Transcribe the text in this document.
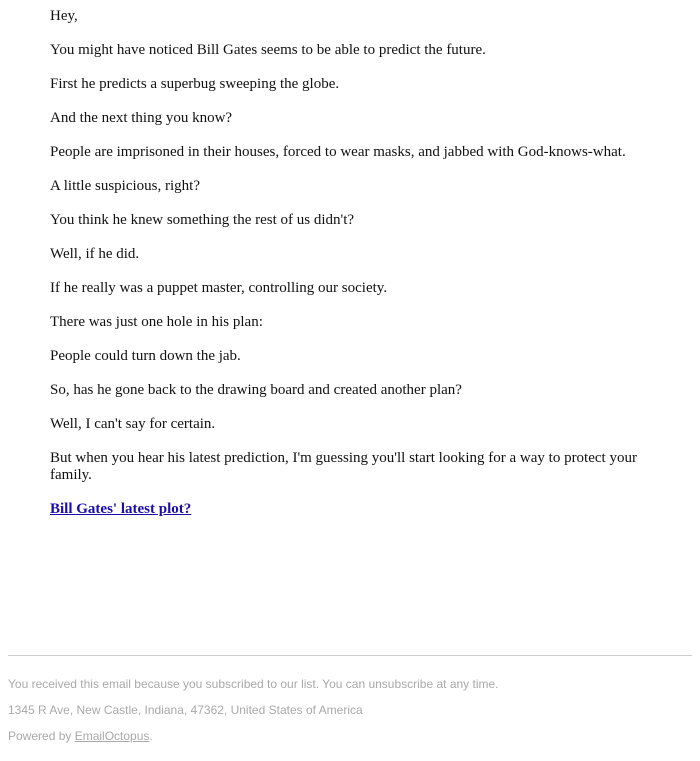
Hey,

You might have noticed Bill Gates seems to be able to predict the future.

First he predicts a superbug sweeping the globe.

And the next thing you know?

People are imprisoned in their houses, forced to wear masks, and jabbed with God-knows-what.

A little suspicious, right?

You think he knew something the rest of us didn't?

Well, if he did.

If he really was a puppet master, controlling our society.

There was just one hole in his plan:

People could turn down the jab.

So, has he gone back to the drawing board and created another plan?

Well, I can't say for certain.

But when you hear his latest prediction, I'm guessing you'll start looking for a way to protect your family.

Bill Gates' latest plot?

You received this email because you subscribed to our list. You can unsubscribe at any time.

1345 R Ave, New Castle, Indiana, 47362, United States of America

Powered by EmailOctopus.
